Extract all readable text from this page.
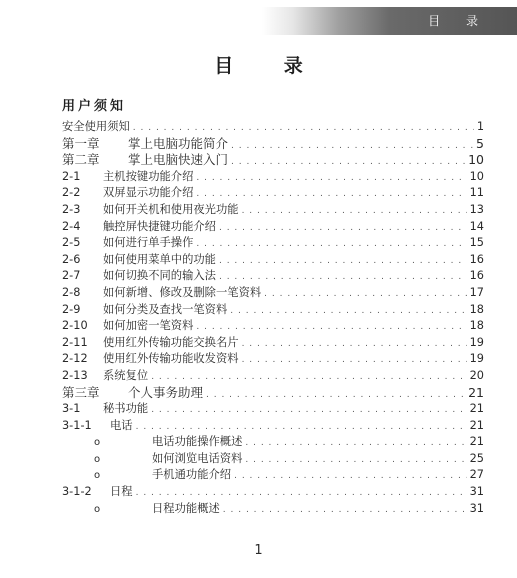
目 录
目 录
用户须知
安全使用须知 . . .	1
第一章	掌上电脑功能简介 . . .	5
第二章	掌上电脑快速入门 . . .	10
2-1	主机按键功能介绍 . . .	10
2-2	双屏显示功能介绍 . . .	11
2-3	如何开关机和使用夜光功能 . . .	13
2-4	触控屏快捷键功能介绍 . . .	14
2-5	如何进行单手操作 . . .	15
2-6	如何使用菜单中的功能 . . .	16
2-7	如何切换不同的输入法 . . .	16
2-8	如何新增、修改及删除一笔资料 . . .	17
2-9	如何分类及查找一笔资料 . . .	18
2-10	如何加密一笔资料 . . .	18
2-11	使用红外传输功能交换名片 . . .	19
2-12	使用红外传输功能收发资料 . . .	19
2-13	系统复位 . . .	20
第三章	个人事务助理 . . .	21
3-1	秘书功能 . . .	21
3-1-1	电话 . . .	21
o	电话功能操作概述 . . .	21
o	如何浏览电话资料 . . .	25
o	手机通功能介绍 . . .	27
3-1-2	日程 . . .	31
o	日程功能概述 . . .	31
1
